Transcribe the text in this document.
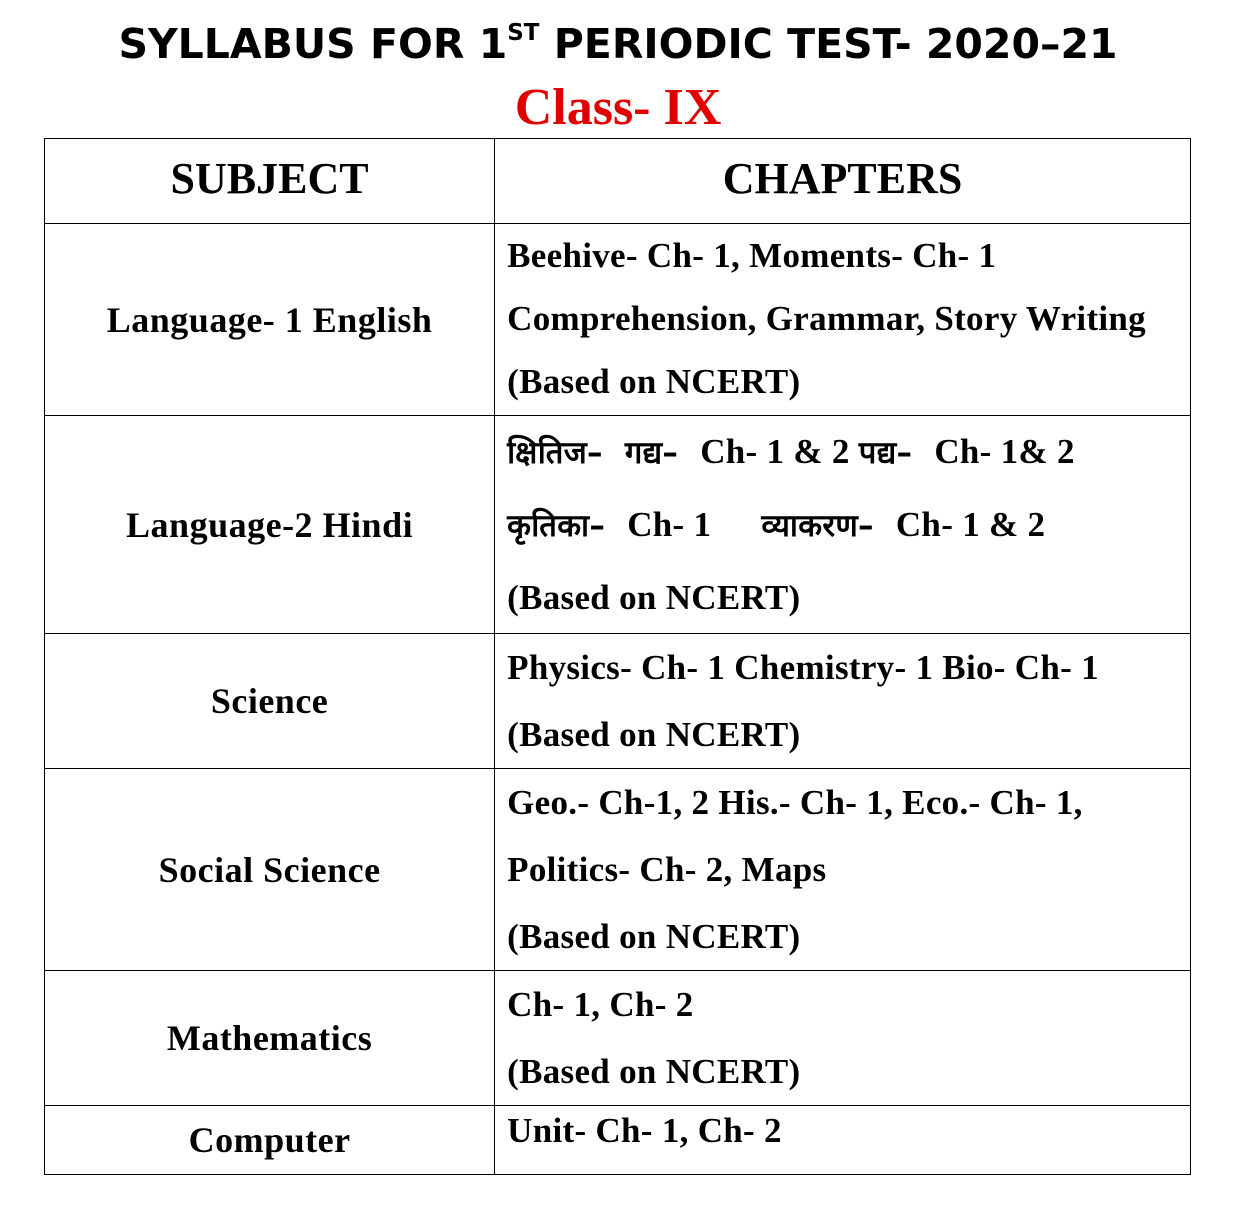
SYLLABUS FOR 1ST PERIODIC TEST- 2020–21
Class- IX
SUBJECT	CHAPTERS
Language- 1 English	Beehive- Ch- 1, Moments- Ch- 1
Comprehension, Grammar, Story Writing
(Based on NCERT)

Language-2 Hindi	क्षितिज– गद्य– Ch- 1 & 2 पद्य– Ch- 1& 2
कृतिका– Ch- 1 व्याकरण– Ch- 1 & 2
(Based on NCERT)

Science	Physics- Ch- 1 Chemistry- 1 Bio- Ch- 1
(Based on NCERT)

Social Science	Geo.- Ch-1, 2 His.- Ch- 1, Eco.- Ch- 1,
Politics- Ch- 2, Maps
(Based on NCERT)

Mathematics	Ch- 1, Ch- 2
(Based on NCERT)

Computer	Unit- Ch- 1, Ch- 2
